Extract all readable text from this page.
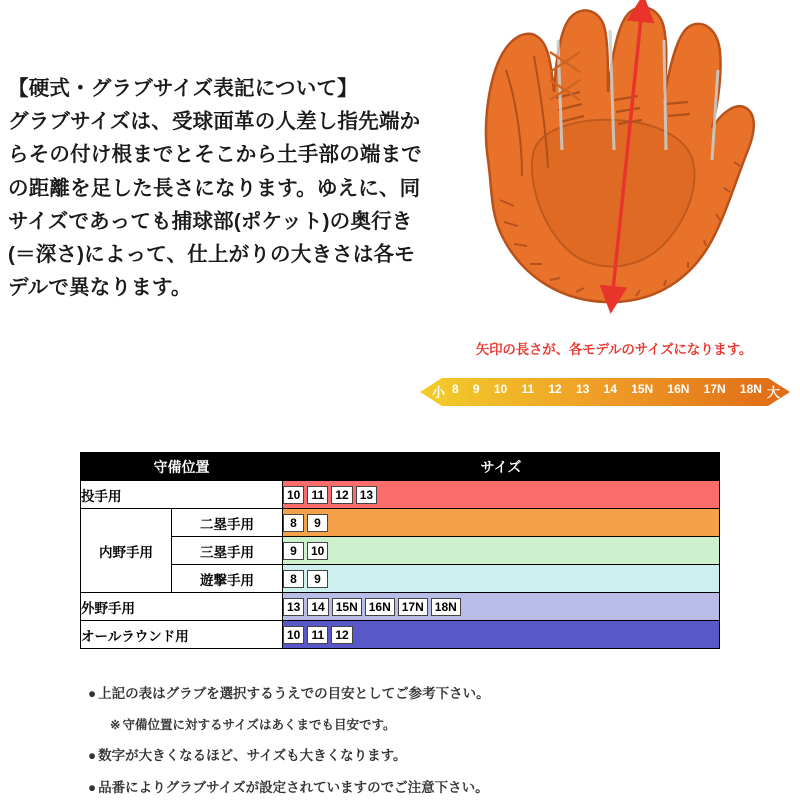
【硬式・グラブサイズ表記について】

グラブサイズは、受球面革の人差し指先端からその付け根までとそこから土手部の端までの距離を足した長さになります。ゆえに、同サイズであっても捕球部(ポケット)の奥行き(＝深さ)によって、仕上がりの大きさは各モデルで異なります。

矢印の長さが、各モデルのサイズになります。
小	大
8 9 10 11 12 13 14 15N 16N 17N 18N
守備位置		サイズ
投手用		10 11 12 13
内野手用	二塁手用	8 9
	三塁手用	9 10
	遊撃手用	8 9
外野手用		13 14 15N 16N 17N 18N
オールラウンド用		10 11 12

● 上記の表はグラブを選択するうえでの目安としてご参考下さい。

※ 守備位置に対するサイズはあくまでも目安です。

● 数字が大きくなるほど、サイズも大きくなります。

● 品番によりグラブサイズが設定されていますのでご注意下さい。
